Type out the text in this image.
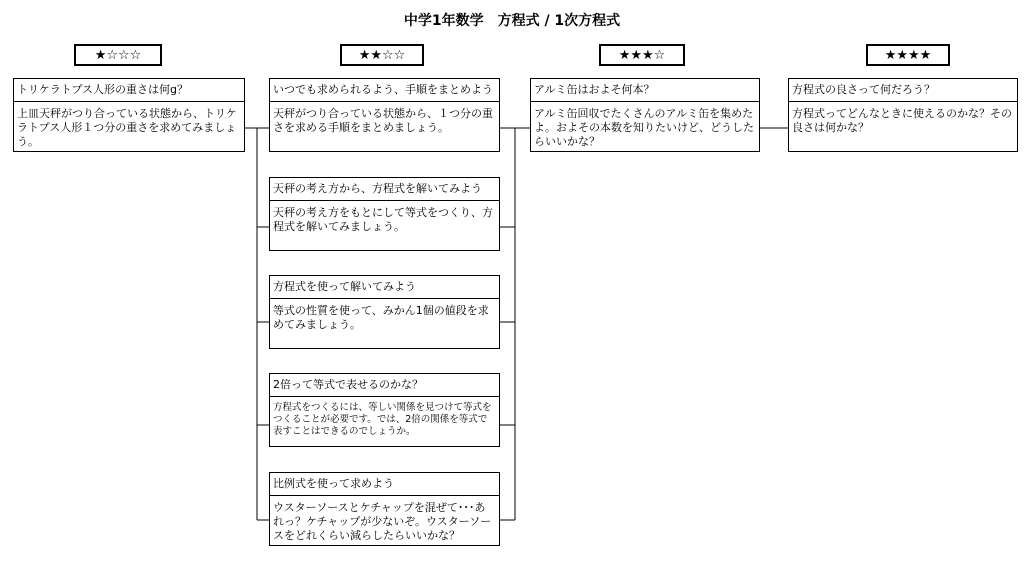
中学1年数学　方程式 / 1次方程式
★☆☆☆	★★☆☆	★★★☆	★★★★
トリケラトプス人形の重さは何g？
上皿天秤がつり合っている状態から、トリケラトプス人形１つ分の重さを求めてみましょう。
いつでも求められるよう、手順をまとめよう
天秤がつり合っている状態から、１つ分の重さを求める手順をまとめましょう。
天秤の考え方から、方程式を解いてみよう
天秤の考え方をもとにして等式をつくり、方程式を解いてみましょう。
方程式を使って解いてみよう
等式の性質を使って、みかん1個の値段を求めてみましょう。
2倍って等式で表せるのかな？
方程式をつくるには、等しい関係を見つけて等式をつくることが必要です。では、2倍の関係を等式で表すことはできるのでしょうか。
比例式を使って求めよう
ウスターソースとケチャップを混ぜて･･･あれっ？ケチャップが少ないぞ。ウスターソースをどれくらい減らしたらいいかな？
アルミ缶はおよそ何本？
アルミ缶回収でたくさんのアルミ缶を集めたよ。およその本数を知りたいけど、どうしたらいいかな？
方程式の良さって何だろう？
方程式ってどんなときに使えるのかな？その良さは何かな？
